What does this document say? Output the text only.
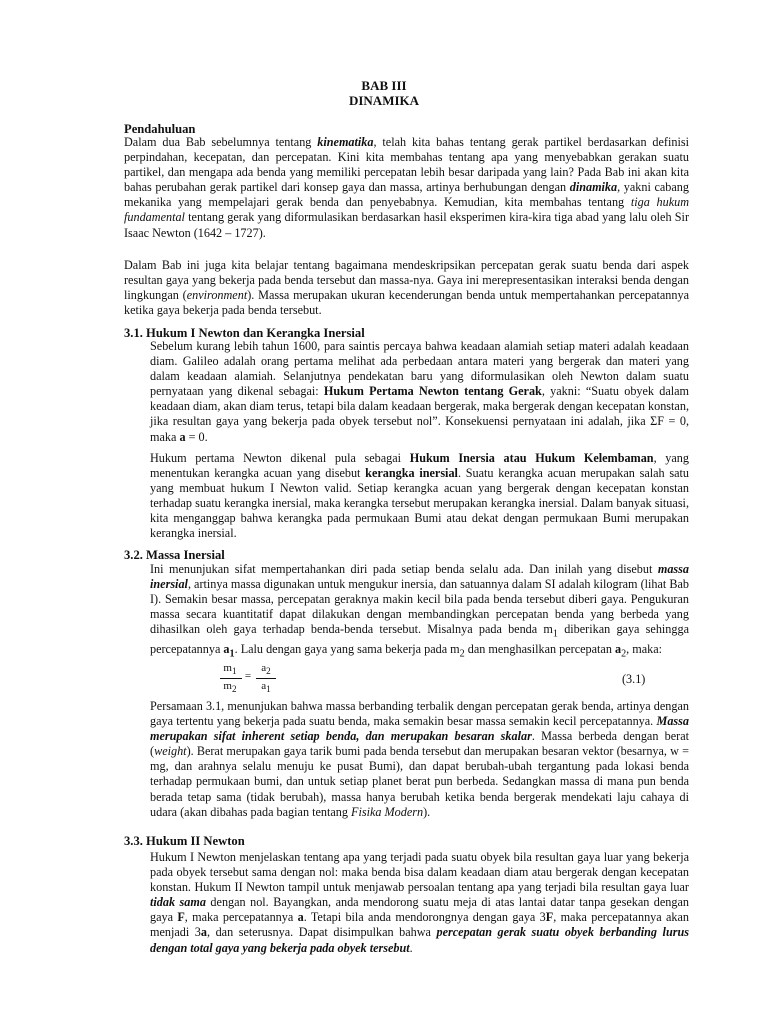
BAB III
DINAMIKA
Pendahuluan
Dalam dua Bab sebelumnya tentang kinematika, telah kita bahas tentang gerak partikel berdasarkan definisi perpindahan, kecepatan, dan percepatan. Kini kita membahas tentang apa yang menyebabkan gerakan suatu partikel, dan mengapa ada benda yang memiliki percepatan lebih besar daripada yang lain? Pada Bab ini akan kita bahas perubahan gerak partikel dari konsep gaya dan massa, artinya berhubungan dengan dinamika, yakni cabang mekanika yang mempelajari gerak benda dan penyebabnya. Kemudian, kita membahas tentang tiga hukum fundamental tentang gerak yang diformulasikan berdasarkan hasil eksperimen kira-kira tiga abad yang lalu oleh Sir Isaac Newton (1642 – 1727).
Dalam Bab ini juga kita belajar tentang bagaimana mendeskripsikan percepatan gerak suatu benda dari aspek resultan gaya yang bekerja pada benda tersebut dan massa-nya. Gaya ini merepresentasikan interaksi benda dengan lingkungan (environment). Massa merupakan ukuran kecenderungan benda untuk mempertahankan percepatannya ketika gaya bekerja pada benda tersebut.
3.1. Hukum I Newton dan Kerangka Inersial
Sebelum kurang lebih tahun 1600, para saintis percaya bahwa keadaan alamiah setiap materi adalah keadaan diam. Galileo adalah orang pertama melihat ada perbedaan antara materi yang bergerak dan materi yang dalam keadaan alamiah. Selanjutnya pendekatan baru yang diformulasikan oleh Newton dalam suatu pernyataan yang dikenal sebagai: Hukum Pertama Newton tentang Gerak, yakni: “Suatu obyek dalam keadaan diam, akan diam terus, tetapi bila dalam keadaan bergerak, maka bergerak dengan kecepatan konstan, jika resultan gaya yang bekerja pada obyek tersebut nol”. Konsekuensi pernyataan ini adalah, jika ΣF = 0, maka a = 0.
Hukum pertama Newton dikenal pula sebagai Hukum Inersia atau Hukum Kelembaman, yang menentukan kerangka acuan yang disebut kerangka inersial. Suatu kerangka acuan merupakan salah satu yang membuat hukum I Newton valid. Setiap kerangka acuan yang bergerak dengan kecepatan konstan terhadap suatu kerangka inersial, maka kerangka tersebut merupakan kerangka inersial. Dalam banyak situasi, kita menganggap bahwa kerangka pada permukaan Bumi atau dekat dengan permukaan Bumi merupakan kerangka inersial.
3.2. Massa Inersial
Ini menunjukan sifat mempertahankan diri pada setiap benda selalu ada. Dan inilah yang disebut massa inersial, artinya massa digunakan untuk mengukur inersia, dan satuannya dalam SI adalah kilogram (lihat Bab I). Semakin besar massa, percepatan geraknya makin kecil bila pada benda tersebut diberi gaya. Pengukuran massa secara kuantitatif dapat dilakukan dengan membandingkan percepatan benda yang berbeda yang dihasilkan oleh gaya terhadap benda-benda tersebut. Misalnya pada benda $m_1$ diberikan gaya sehingga percepatannya $a_1$. Lalu dengan gaya yang sama bekerja pada $m_2$ dan menghasilkan percepatan $a_2$, maka:
$m_1$
$m_2$
=
$a_2$
$a_1$
(3.1)
Persamaan 3.1, menunjukan bahwa massa berbanding terbalik dengan percepatan gerak benda, artinya dengan gaya tertentu yang bekerja pada suatu benda, maka semakin besar massa semakin kecil percepatannya. Massa merupakan sifat inherent setiap benda, dan merupakan besaran skalar. Massa berbeda dengan berat (weight). Berat merupakan gaya tarik bumi pada benda tersebut dan merupakan besaran vektor (besarnya, w = mg, dan arahnya selalu menuju ke pusat Bumi), dan dapat berubah-ubah tergantung pada lokasi benda terhadap permukaan bumi, dan untuk setiap planet berat pun berbeda. Sedangkan massa di mana pun benda berada tetap sama (tidak berubah), massa hanya berubah ketika benda bergerak mendekati laju cahaya di udara (akan dibahas pada bagian tentang Fisika Modern).
3.3. Hukum II Newton
Hukum I Newton menjelaskan tentang apa yang terjadi pada suatu obyek bila resultan gaya luar yang bekerja pada obyek tersebut sama dengan nol: maka benda bisa dalam keadaan diam atau bergerak dengan kecepatan konstan. Hukum II Newton tampil untuk menjawab persoalan tentang apa yang terjadi bila resultan gaya luar tidak sama dengan nol. Bayangkan, anda mendorong suatu meja di atas lantai datar tanpa gesekan dengan gaya F, maka percepatannya a. Tetapi bila anda mendorongnya dengan gaya 3F, maka percepatannya akan menjadi 3a, dan seterusnya. Dapat disimpulkan bahwa percepatan gerak suatu obyek berbanding lurus dengan total gaya yang bekerja pada obyek tersebut.
